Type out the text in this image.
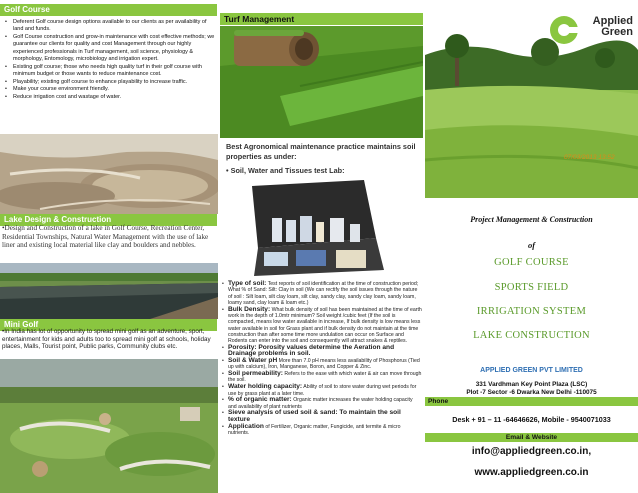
Golf Course
• Deferent Golf course design options available to our clients as per availability of land and funds.
• Golf Course construction and grow-in maintenance with cost effective methods; we guarantee our clients for quality and cost Management through our highly experienced professionals in Turf management, soil science, physiology & morphology, Entomology, microbiology and irrigation expert.
• Existing golf course; those who needs high quality turf in their golf course with minimum budget or those wants to reduce maintenance cost.
• Playability; existing golf course to enhance playability to increase traffic.
• Make your course environment friendly.
• Reduce irrigation cost and wastage of water.
Lake Design & Construction
•Design and Construction of a lake in Golf Course, Recreation Center, Residential Townships, Natural Water Management with the use of lake liner and existing local material like clay and boulders and nebbles.
Mini Golf
•In India has lot of opportunity to spread mini golf as an adventure, sport, entertainment for kids and adults too to spread mini golf at schools, holiday places, Malls, Tourist point, Public parks, Community clubs etc.
Turf Management
Best Agronomical maintenance practice maintains soil properties as under:
• Soil, Water and Tissues test Lab:
• Type of soil: Test reports of soil identification at the time of construction period; What % of Sand: Silt: Clay in soil (We can rectify the soil issues through the nature of soil : Silt loam, silt clay loam, silt clay, sandy clay, sandy clay loam, sandy loam, loamy sand, clay loam & loam etc.)
• Bulk Density: What bulk density of soil has been maintained at the time of earth work in the depth of 1.0mtr minimum? Soil weight /cubic feet (If the soil is compacted, means low water available in increase, If bulk density is low means less water available in soil for Grass plant and if bulk density do not maintain at the time construction than after some time more undulation can occur on Surface and Rodents can enter into the soil and consequently will attract snakes & reptiles.
• Porosity: Porosity values determine the Aeration and Drainage problems in soil.
• Soil & Water pH More than 7.0 pH means less availability of Phosphorus (Tied up with calcium), Iron, Manganese, Boron, and Copper & Zinc.
• Soil permeability: Refers to the ease with which water & air can move through the soil.
• Water holding capacity: Ability of soil to store water during wet periods for use by grass plant at a later time.
• % of organic matter: Organic matter increases the water holding capacity and availability of plant nutrients
• Sieve analysis of used soil & sand: To maintain the soil texture
• Application of Fertilizer, Organic matter, Fungicide, anti termite & micro nutrients.
07/03/2013 13:52
Applied
Green
Project Management & Construction
of
GOLF COURSE
SPORTS FIELD
IRRIGATION SYSTEM
LAKE CONSTRUCTION
APPLIED GREEN PVT LIMITED
331 Vardhman Key Point Plaza (LSC)
Plot -7 Sector -6 Dwarka New Delhi -110075
Phone
Desk + 91 – 11 -64646626, Mobile - 9540071033
Email & Website
info@appliedgreen.co.in,
www.appliedgreen.co.in
